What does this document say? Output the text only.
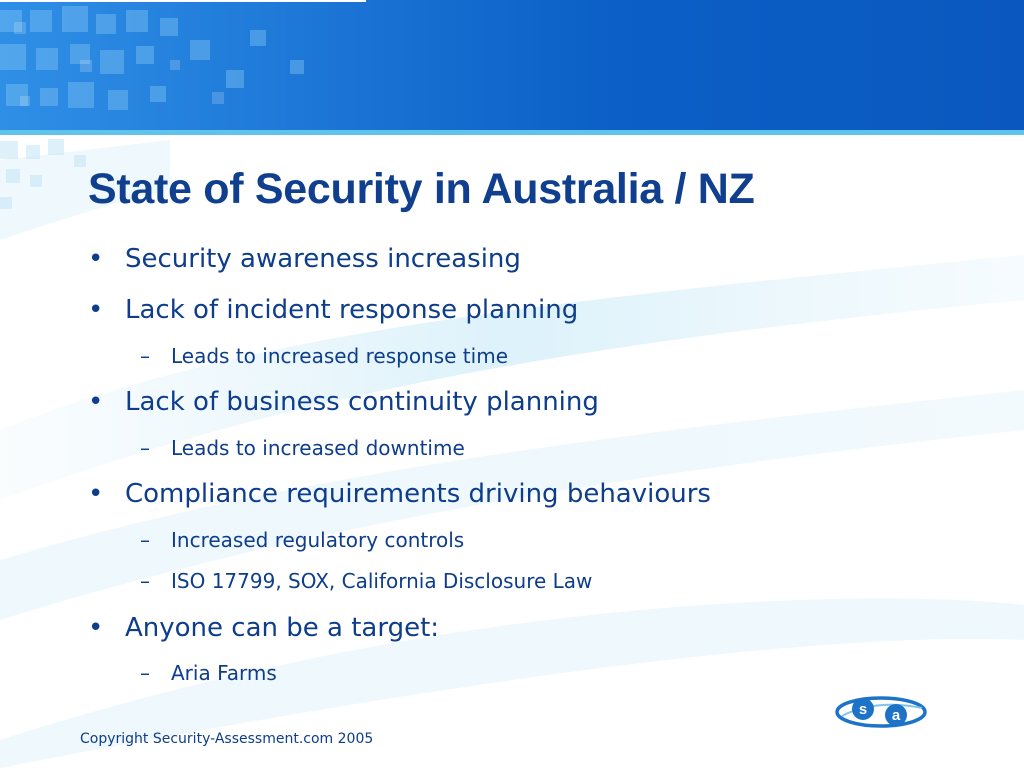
State of Security in Australia / NZ
• Security awareness increasing
• Lack of incident response planning
– Leads to increased response time
• Lack of business continuity planning
– Leads to increased downtime
• Compliance requirements driving behaviours
– Increased regulatory controls
– ISO 17799, SOX, California Disclosure Law
• Anyone can be a target:
– Aria Farms
s a
Copyright Security-Assessment.com 2005
